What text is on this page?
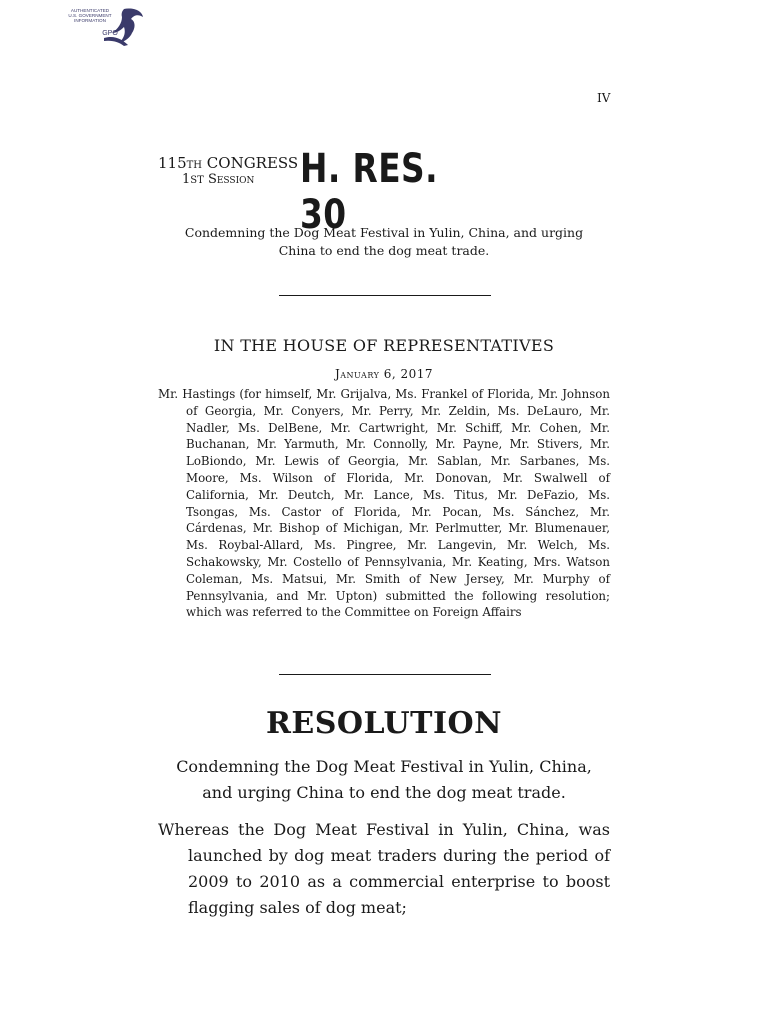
AUTHENTICATED
U.S. GOVERNMENT
INFORMATION
GPO
IV
115TH CONGRESS
1ST Session H. RES. 30
Condemning the Dog Meat Festival in Yulin, China, and urging China to end the dog meat trade.
IN THE HOUSE OF REPRESENTATIVES
January 6, 2017

Mr. Hastings (for himself, Mr. Grijalva, Ms. Frankel of Florida, Mr. Johnson of Georgia, Mr. Conyers, Mr. Perry, Mr. Zeldin, Ms. DeLauro, Mr. Nadler, Ms. DelBene, Mr. Cartwright, Mr. Schiff, Mr. Cohen, Mr. Buchanan, Mr. Yarmuth, Mr. Connolly, Mr. Payne, Mr. Stivers, Mr. LoBiondo, Mr. Lewis of Georgia, Mr. Sablan, Mr. Sarbanes, Ms. Moore, Ms. Wilson of Florida, Mr. Donovan, Mr. Swalwell of California, Mr. Deutch, Mr. Lance, Ms. Titus, Mr. DeFazio, Ms. Tsongas, Ms. Castor of Florida, Mr. Pocan, Ms. Sánchez, Mr. Cárdenas, Mr. Bishop of Michigan, Mr. Perlmutter, Mr. Blumenauer, Ms. Roybal-Allard, Ms. Pingree, Mr. Langevin, Mr. Welch, Ms. Schakowsky, Mr. Costello of Pennsylvania, Mr. Keating, Mrs. Watson Coleman, Ms. Matsui, Mr. Smith of New Jersey, Mr. Murphy of Pennsylvania, and Mr. Upton) submitted the following resolution; which was referred to the Committee on Foreign Affairs

RESOLUTION
Condemning the Dog Meat Festival in Yulin, China, and urging China to end the dog meat trade.

Whereas the Dog Meat Festival in Yulin, China, was launched by dog meat traders during the period of 2009 to 2010 as a commercial enterprise to boost flagging sales of dog meat;
